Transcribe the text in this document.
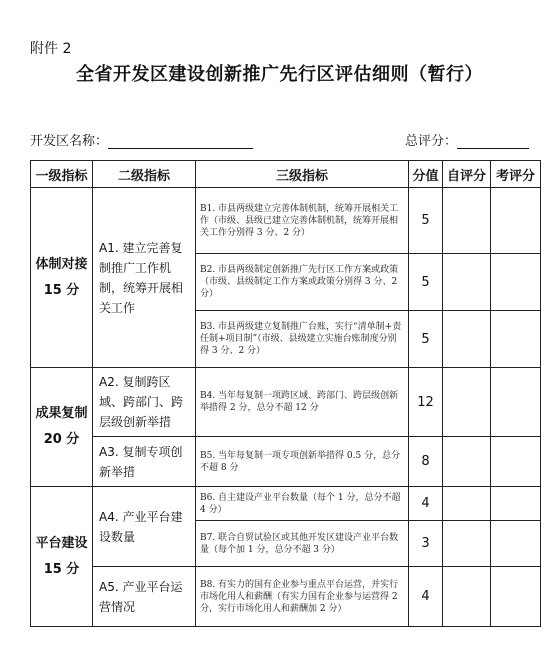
附件 2
全省开发区建设创新推广先行区评估细则（暂行）
开发区名称：	总评分：
一级指标	二级指标	三级指标	分值	自评分	考评分

体制对接
15 分	A1. 建立完善复制推广工作机制，统筹开展相关工作	B1. 市县两级建立完善体制机制，统筹开展相关工作（市级、县级已建立完善体制机制，统筹开展相关工作分别得 3 分、2 分）	5		
		B2. 市县两级制定创新推广先行区工作方案或政策（市级、县级制定工作方案或政策分别得 3 分、2 分）	5		
		B3. 市县两级建立复制推广台账，实行“清单制+责任制+项目制”（市级、县级建立实施台账制度分别得 3 分、2 分）	5		

成果复制
20 分	A2. 复制跨区域、跨部门、跨层级创新举措	B4. 当年每复制一项跨区域、跨部门、跨层级创新举措得 2 分，总分不超 12 分	12		
	A3. 复制专项创新举措	B5. 当年每复制一项专项创新举措得 0.5 分，总分不超 8 分	8		

平台建设
15 分	A4. 产业平台建设数量	B6. 自主建设产业平台数量（每个 1 分，总分不超 4 分）	4		
		B7. 联合自贸试验区或其他开发区建设产业平台数量（每个加 1 分，总分不超 3 分）	3		
	A5. 产业平台运营情况	B8. 有实力的国有企业参与重点平台运营，并实行市场化用人和薪酬（有实力国有企业参与运营得 2 分，实行市场化用人和薪酬加 2 分）	4		
